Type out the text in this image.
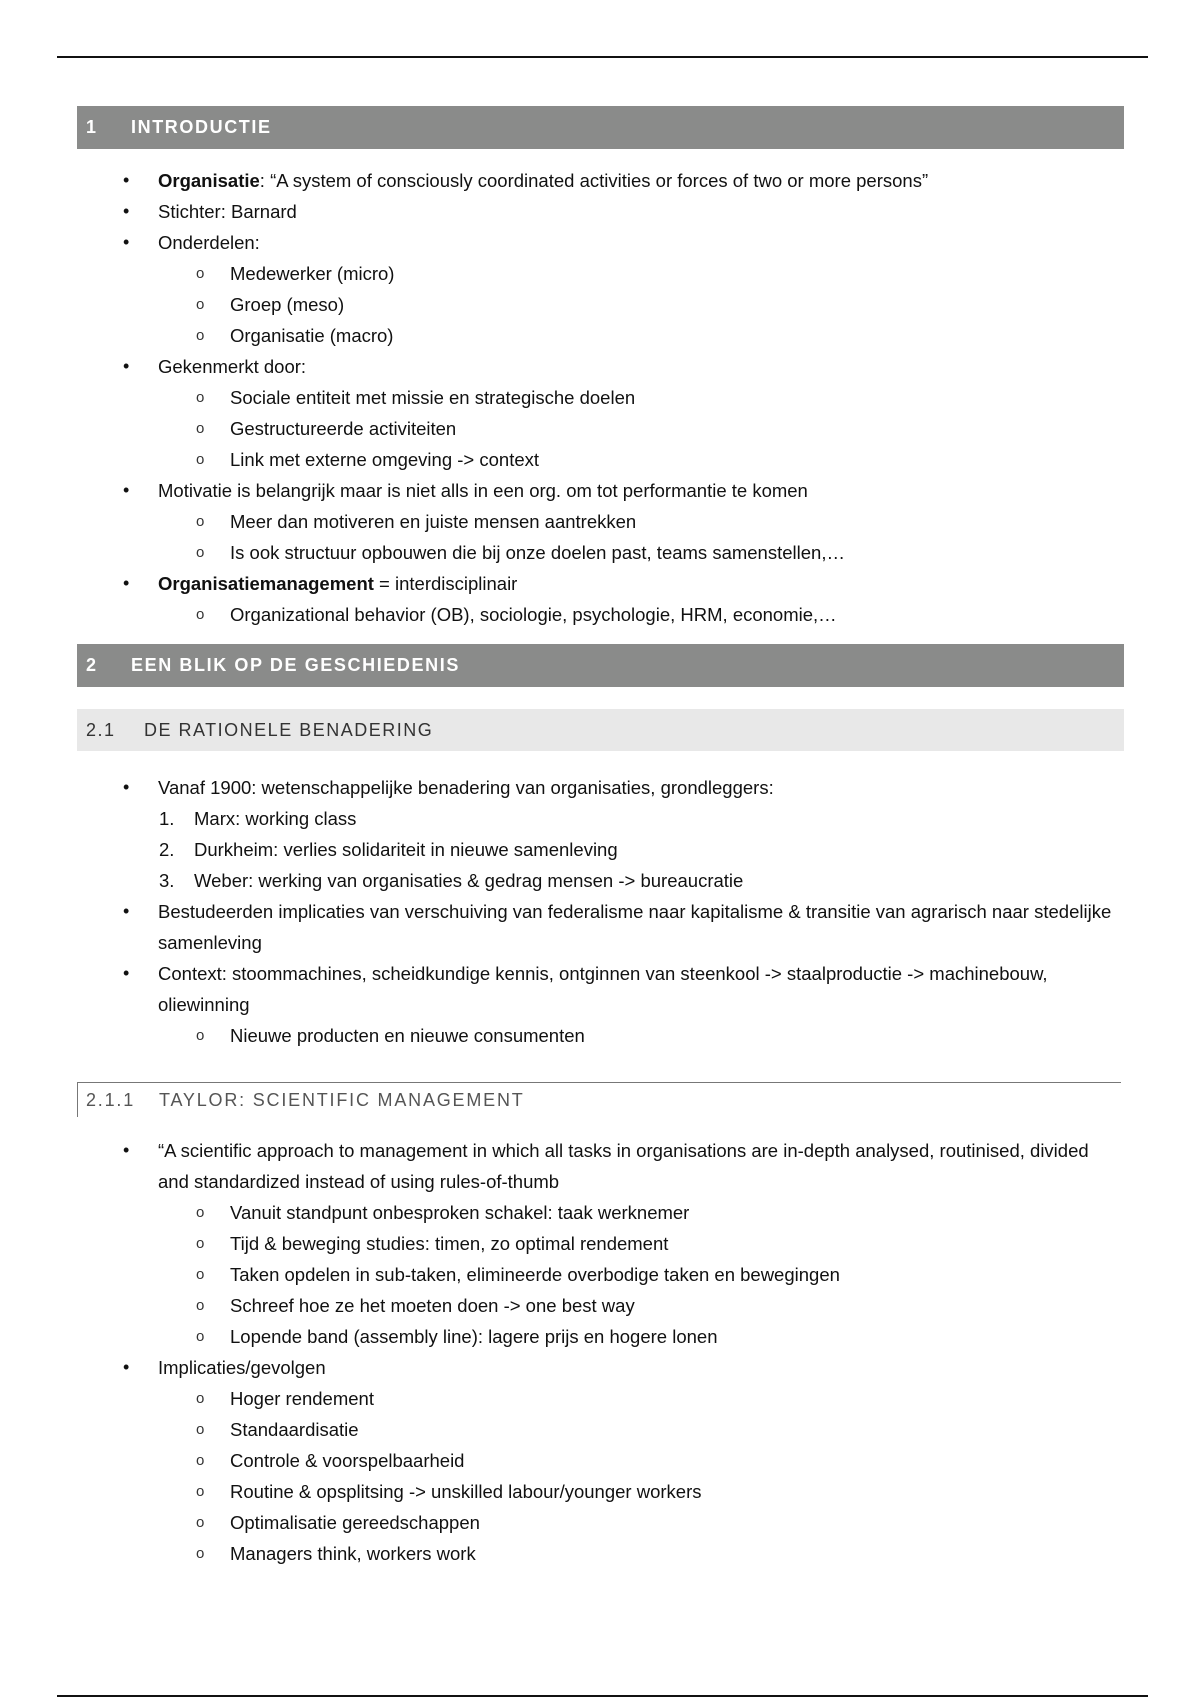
1	INTRODUCTIE
• Organisatie: “A system of consciously coordinated activities or forces of two or more persons”
• Stichter: Barnard
• Onderdelen:
o Medewerker (micro)
o Groep (meso)
o Organisatie (macro)
• Gekenmerkt door:
o Sociale entiteit met missie en strategische doelen
o Gestructureerde activiteiten
o Link met externe omgeving -> context
• Motivatie is belangrijk maar is niet alls in een org. om tot performantie te komen
o Meer dan motiveren en juiste mensen aantrekken
o Is ook structuur opbouwen die bij onze doelen past, teams samenstellen,…
• Organisatiemanagement = interdisciplinair
o Organizational behavior (OB), sociologie, psychologie, HRM, economie,…
2	EEN BLIK OP DE GESCHIEDENIS
2.1	DE RATIONELE BENADERING
• Vanaf 1900: wetenschappelijke benadering van organisaties, grondleggers:
1. Marx: working class
2. Durkheim: verlies solidariteit in nieuwe samenleving
3. Weber: werking van organisaties & gedrag mensen -> bureaucratie
• Bestudeerden implicaties van verschuiving van federalisme naar kapitalisme & transitie van agrarisch naar stedelijke samenleving
• Context: stoommachines, scheidkundige kennis, ontginnen van steenkool -> staalproductie -> machinebouw, oliewinning
o Nieuwe producten en nieuwe consumenten
2.1.1	TAYLOR: SCIENTIFIC MANAGEMENT
• “A scientific approach to management in which all tasks in organisations are in-depth analysed, routinised, divided and standardized instead of using rules-of-thumb
o Vanuit standpunt onbesproken schakel: taak werknemer
o Tijd & beweging studies: timen, zo optimal rendement
o Taken opdelen in sub-taken, elimineerde overbodige taken en bewegingen
o Schreef hoe ze het moeten doen -> one best way
o Lopende band (assembly line): lagere prijs en hogere lonen
• Implicaties/gevolgen
o Hoger rendement
o Standaardisatie
o Controle & voorspelbaarheid
o Routine & opsplitsing -> unskilled labour/younger workers
o Optimalisatie gereedschappen
o Managers think, workers work
